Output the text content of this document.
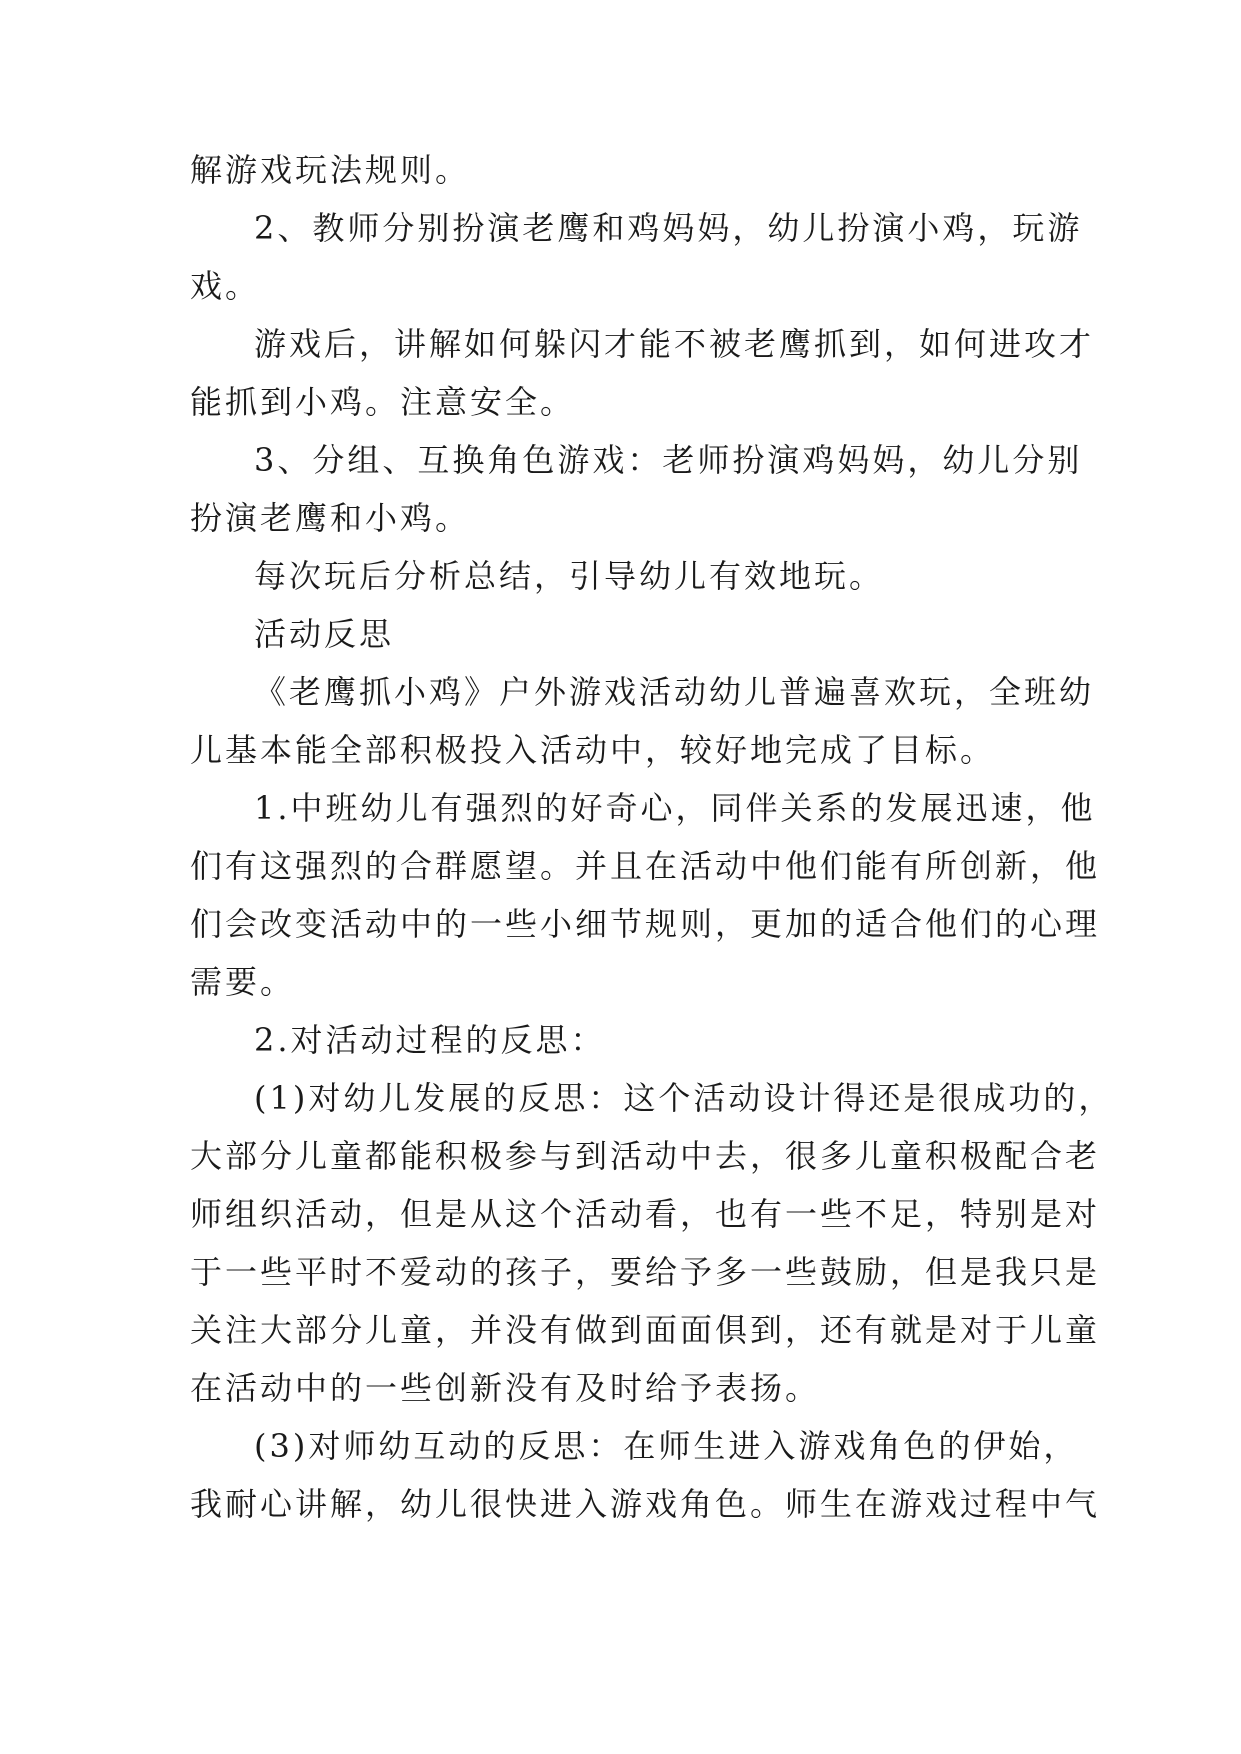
解游戏玩法规则。
2、教师分别扮演老鹰和鸡妈妈，幼儿扮演小鸡，玩游
戏。
游戏后，讲解如何躲闪才能不被老鹰抓到，如何进攻才
能抓到小鸡。注意安全。
3、分组、互换角色游戏：老师扮演鸡妈妈，幼儿分别
扮演老鹰和小鸡。
每次玩后分析总结，引导幼儿有效地玩。
活动反思
《老鹰抓小鸡》户外游戏活动幼儿普遍喜欢玩，全班幼
儿基本能全部积极投入活动中，较好地完成了目标。
1.中班幼儿有强烈的好奇心，同伴关系的发展迅速，他
们有这强烈的合群愿望。并且在活动中他们能有所创新，他
们会改变活动中的一些小细节规则，更加的适合他们的心理
需要。
2.对活动过程的反思：
(1)对幼儿发展的反思：这个活动设计得还是很成功的，
大部分儿童都能积极参与到活动中去，很多儿童积极配合老
师组织活动，但是从这个活动看，也有一些不足，特别是对
于一些平时不爱动的孩子，要给予多一些鼓励，但是我只是
关注大部分儿童，并没有做到面面俱到，还有就是对于儿童
在活动中的一些创新没有及时给予表扬。
(3)对师幼互动的反思：在师生进入游戏角色的伊始，
我耐心讲解，幼儿很快进入游戏角色。师生在游戏过程中气
